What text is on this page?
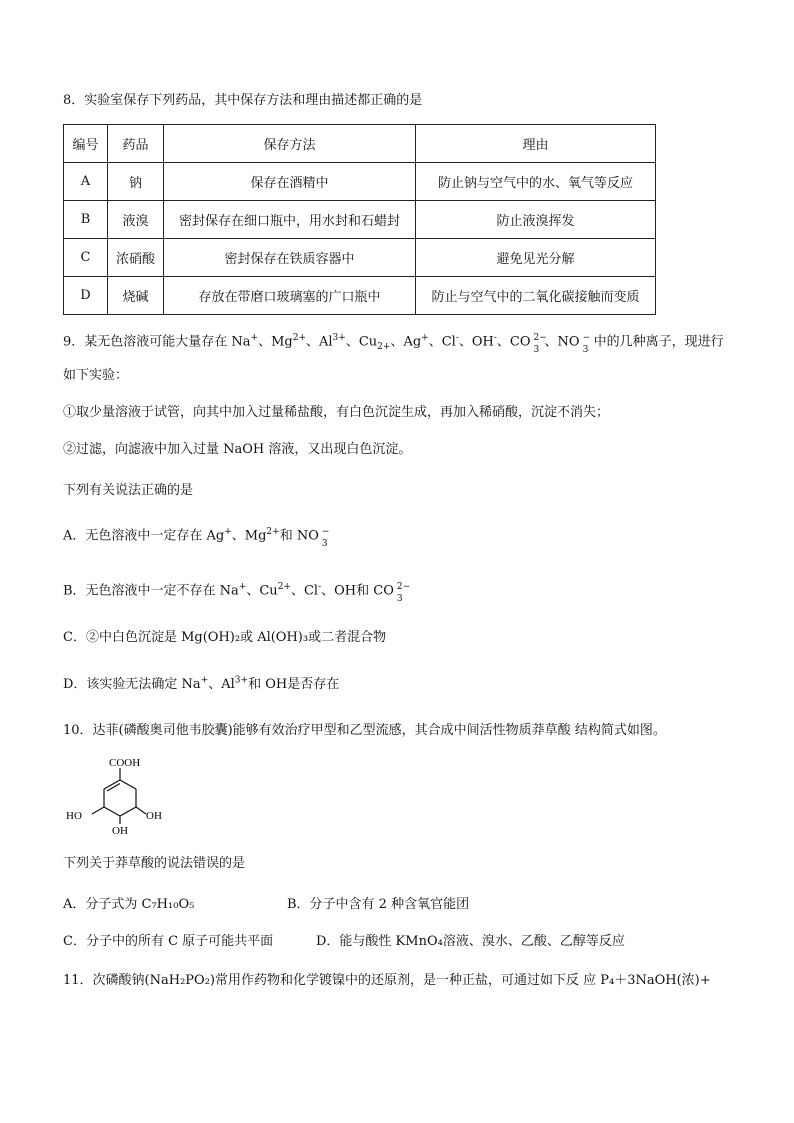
8．实验室保存下列药品，其中保存方法和理由描述都正确的是
编号	药品	保存方法	理由
A	钠	保存在酒精中	防止钠与空气中的水、氧气等反应
B	液溴	密封保存在细口瓶中，用水封和石蜡封	防止液溴挥发
C	浓硝酸	密封保存在铁质容器中	避免见光分解
D	烧碱	存放在带磨口玻璃塞的广口瓶中	防止与空气中的二氧化碳接触而变质
9．某无色溶液可能大量存在 Na+、$Mg^{2+}$、$Al^{3+}$、$Cu_{2+}$、Ag+、Cl-、OH-、CO 2−
3
、NO −
3
中的几种离子，现进行
如下实验：
①取少量溶液于试管，向其中加入过量稀盐酸，有白色沉淀生成，再加入稀硝酸，沉淀不消失；
②过滤，向滤液中加入过量 NaOH 溶液，又出现白色沉淀。
下列有关说法正确的是
A．无色溶液中一定存在 Ag+、$Mg^{2+}$和 NO −
3
B．无色溶液中一定不存在 Na+、$Cu^{2+}$、Cl-、OH和 CO 2−
3
C．②中白色沉淀是 Mg(OH)₂或 Al(OH)₃或二者混合物
D．该实验无法确定 Na+、$Al^{3+}$和 OH是否存在
10．达菲(磷酸奥司他韦胶囊)能够有效治疗甲型和乙型流感，其合成中间活性物质莽草酸 结构简式如图。
COOH
HO
OH
OH
下列关于莽草酸的说法错误的是
A．分子式为 C₇H₁₀O₅	B．分子中含有 2 种含氧官能团
C．分子中的所有 C 原子可能共平面	D．能与酸性 KMnO₄溶液、溴水、乙酸、乙醇等反应
11．次磷酸钠(NaH₂PO₂)常用作药物和化学镀镍中的还原剂，是一种正盐，可通过如下反 应 P₄＋3NaOH(浓)+
